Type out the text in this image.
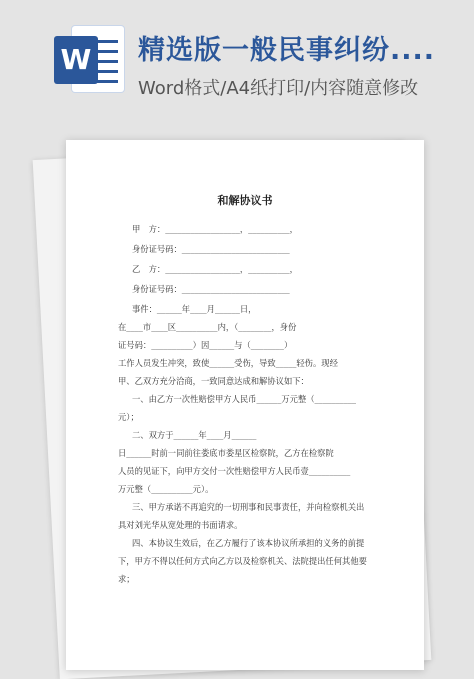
W 精选版一般民事纠纷....
Word格式/A4纸打印/内容随意修改
和解协议书
甲　方：__________________，__________，
身份证号码：__________________________
乙　方：__________________，__________，
身份证号码：__________________________
事件：______年____月______日，
在____市____区__________内，（________，身份
证号码：__________）因______与（________）
工作人员发生冲突，致使______受伤，导致_____轻伤。现经
甲、乙双方充分洽商，一致同意达成和解协议如下：
一、由乙方一次性赔偿甲方人民币______万元整（__________
元）；
二、双方于______年____月______
日______时前一同前往娄底市娄星区检察院，乙方在检察院
人员的见证下，向甲方交付一次性赔偿甲方人民币壹__________
万元整（__________元）。
三、甲方承诺不再追究的一切刑事和民事责任，并向检察机关出
具对刘光华从宽处理的书面请求。
四、本协议生效后，在乙方履行了该本协议所承担的义务的前提
下，甲方不得以任何方式向乙方以及检察机关、法院提出任何其他要
求；
